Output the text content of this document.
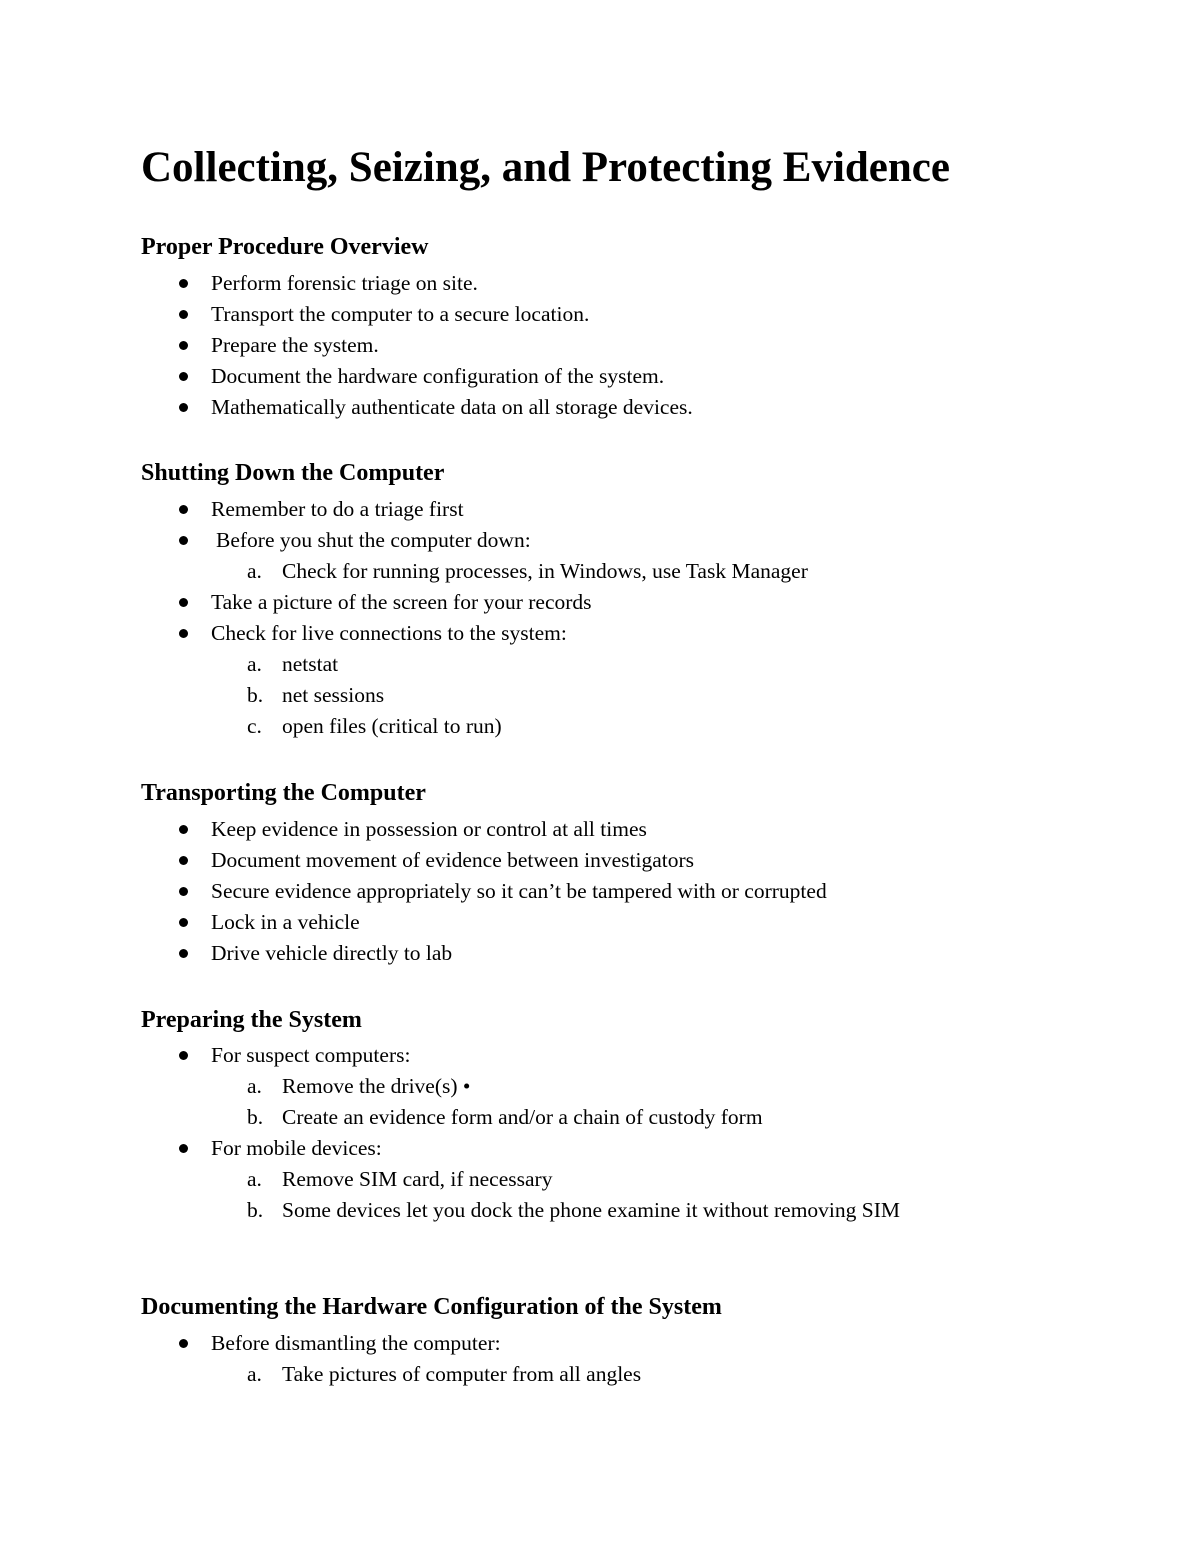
Collecting, Seizing, and Protecting Evidence
Proper Procedure Overview
Perform forensic triage on site.
Transport the computer to a secure location.
Prepare the system.
Document the hardware configuration of the system.
Mathematically authenticate data on all storage devices.
Shutting Down the Computer
Remember to do a triage first
Before you shut the computer down:
a. Check for running processes, in Windows, use Task Manager
Take a picture of the screen for your records
Check for live connections to the system:
a. netstat
b. net sessions
c. open files (critical to run)
Transporting the Computer
Keep evidence in possession or control at all times
Document movement of evidence between investigators
Secure evidence appropriately so it can’t be tampered with or corrupted
Lock in a vehicle
Drive vehicle directly to lab
Preparing the System
For suspect computers:
a. Remove the drive(s) •
b. Create an evidence form and/or a chain of custody form
For mobile devices:
a. Remove SIM card, if necessary
b. Some devices let you dock the phone examine it without removing SIM
Documenting the Hardware Configuration of the System
Before dismantling the computer:
a. Take pictures of computer from all angles
